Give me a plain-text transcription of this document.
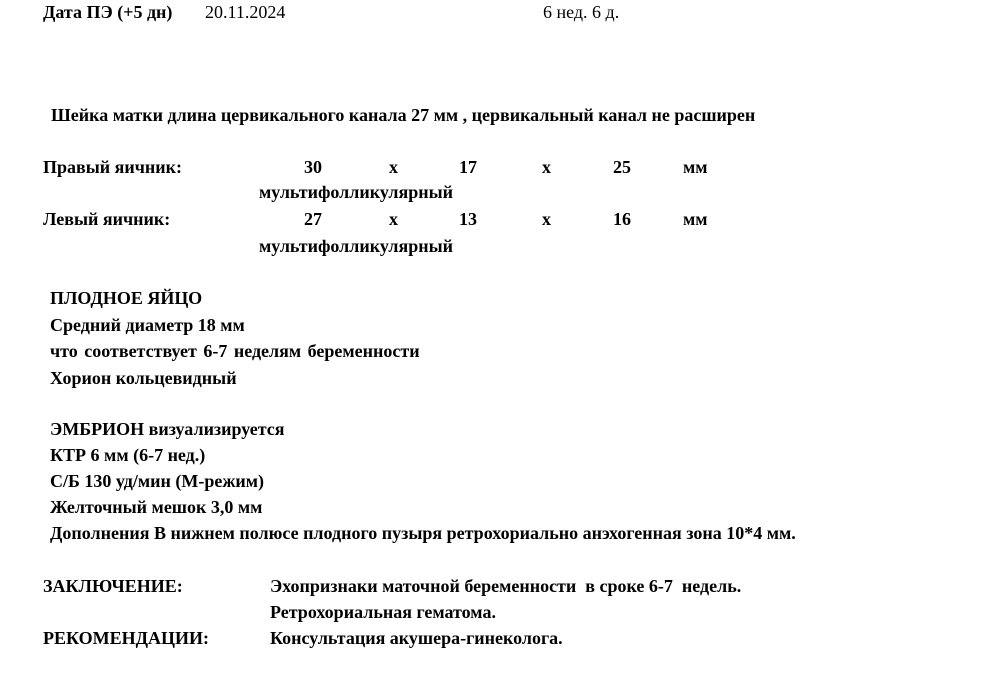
Дата ПЭ (+5 дн) 20.11.2024	6 нед. 6 д.
Шейка матки длина цервикального канала 27 мм , цервикальный канал не расширен
Правый яичник:	30	х	17	х	25	мм
мультифолликулярный
Левый яичник:	27	х	13	х	16	мм
мультифолликулярный
ПЛОДНОЕ ЯЙЦО
Средний диаметр 18 мм
что соответствует 6-7 неделям беременности
Хорион кольцевидный
ЭМБРИОН визуализируется
КТР 6 мм (6-7 нед.)
С/Б 130 уд/мин (М-режим)
Желточный мешок 3,0 мм
Дополнения В нижнем полюсе плодного пузыря ретрохориально анэхогенная зона 10*4 мм.
ЗАКЛЮЧЕНИЕ:	Эхопризнаки маточной беременности  в сроке 6-7  недель.
Ретрохориальная гематома.
РЕКОМЕНДАЦИИ:	Консультация акушера-гинеколога.
